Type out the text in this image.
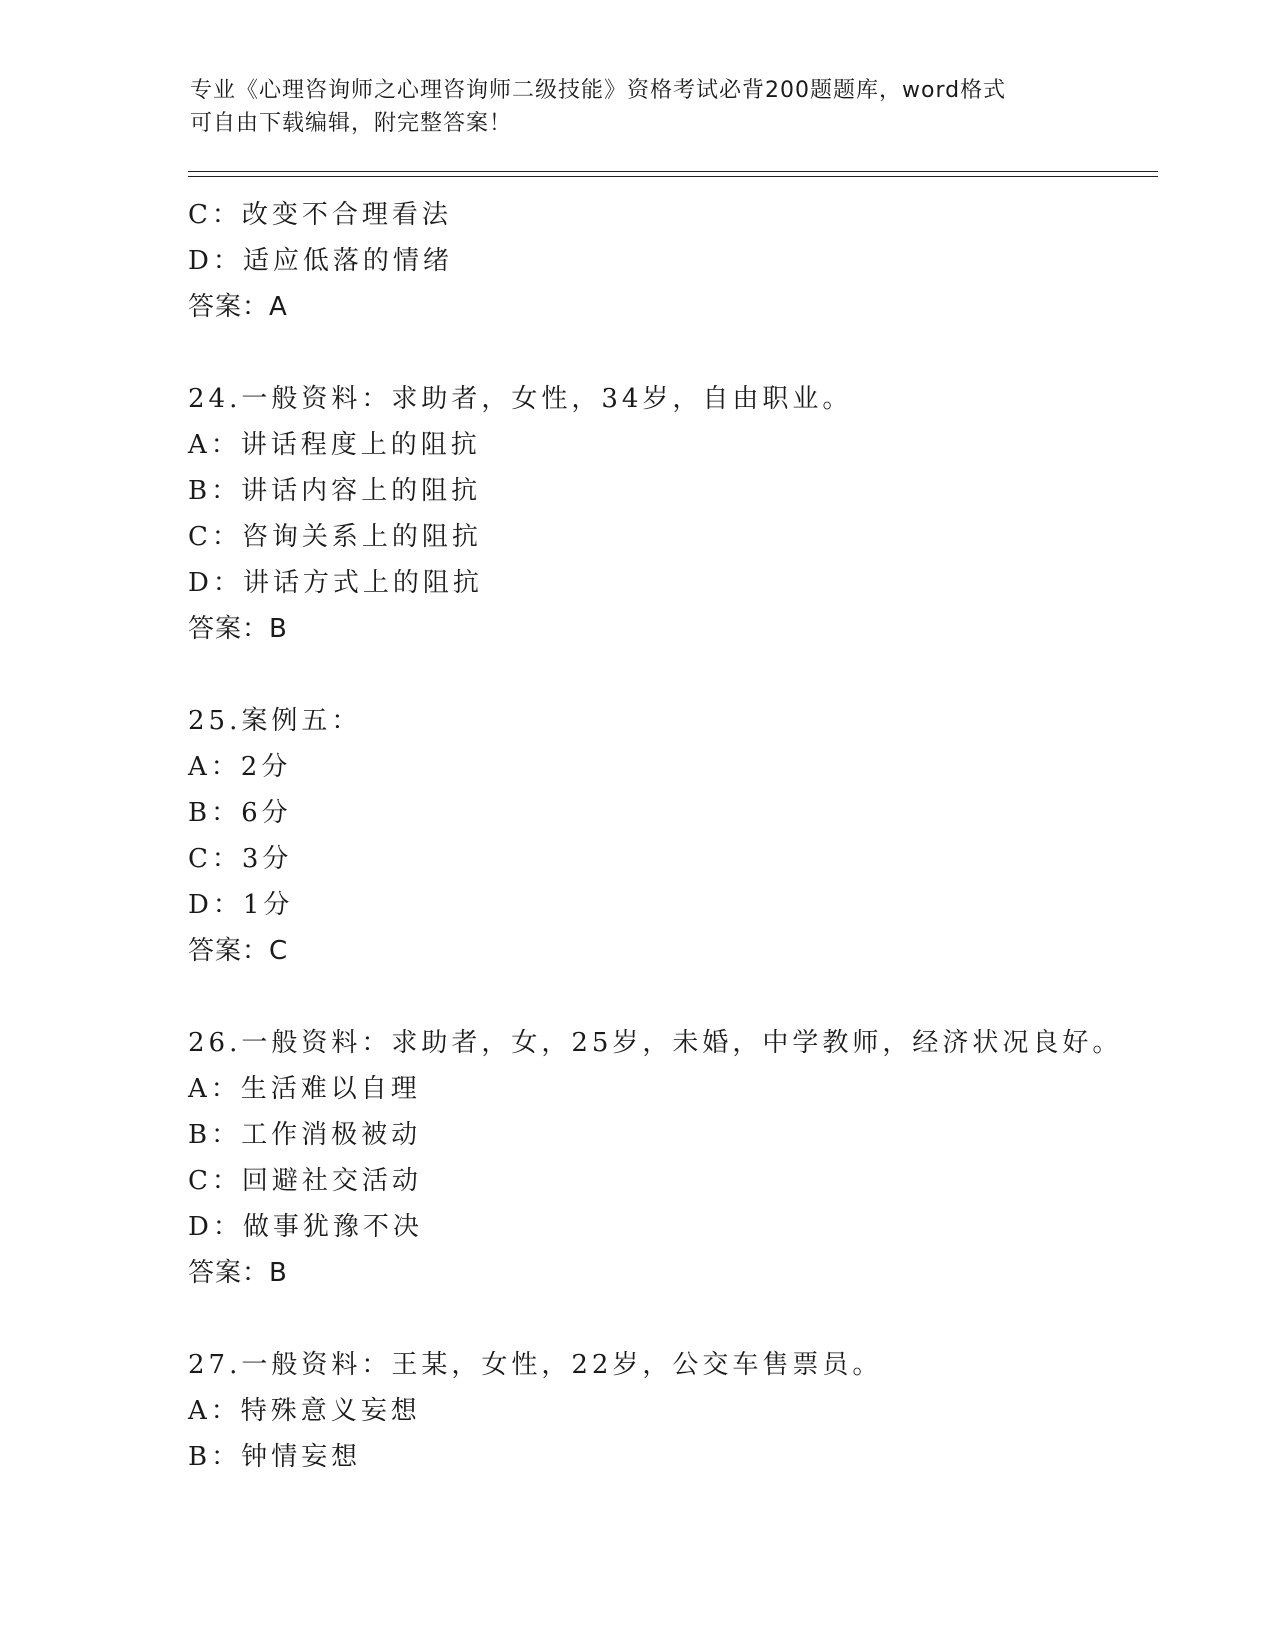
专业《心理咨询师之心理咨询师二级技能》资格考试必背200题题库，word格式
可自由下载编辑，附完整答案！
C：改变不合理看法
D：适应低落的情绪
答案：A
24.一般资料：求助者，女性，34岁，自由职业。
A：讲话程度上的阻抗
B：讲话内容上的阻抗
C：咨询关系上的阻抗
D：讲话方式上的阻抗
答案：B
25.案例五：
A：2分
B：6分
C：3分
D：1分
答案：C
26.一般资料：求助者，女，25岁，未婚，中学教师，经济状况良好。
A：生活难以自理
B：工作消极被动
C：回避社交活动
D：做事犹豫不决
答案：B
27.一般资料：王某，女性，22岁，公交车售票员。
A：特殊意义妄想
B：钟情妄想
